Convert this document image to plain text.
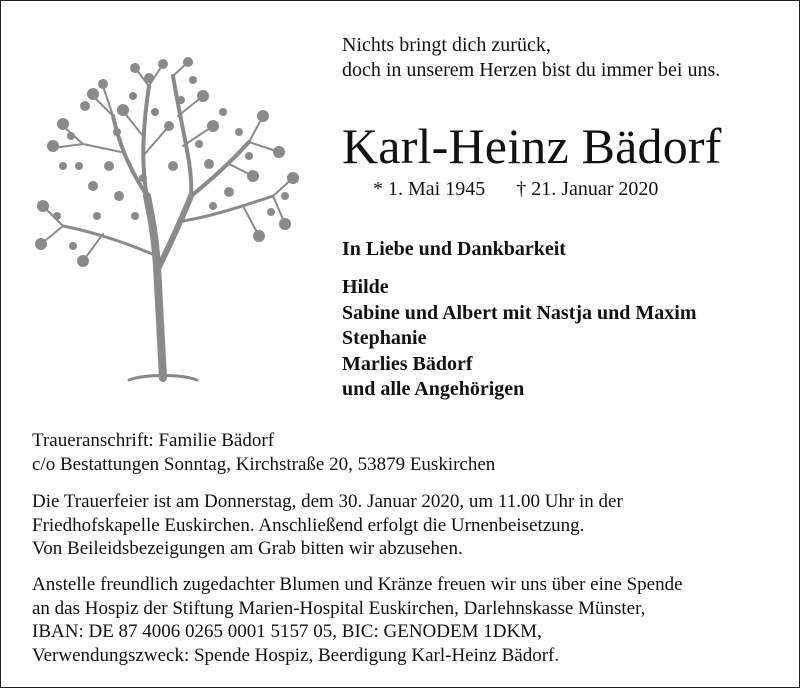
Nichts bringt dich zurück,
doch in unserem Herzen bist du immer bei uns.

Karl-Heinz Bädorf
* 1. Mai 1945 † 21. Januar 2020

In Liebe und Dankbarkeit

Hilde
Sabine und Albert mit Nastja und Maxim
Stephanie
Marlies Bädorf
und alle Angehörigen

Traueranschrift: Familie Bädorf
c/o Bestattungen Sonntag, Kirchstraße 20, 53879 Euskirchen

Die Trauerfeier ist am Donnerstag, dem 30. Januar 2020, um 11.00 Uhr in der
Friedhofskapelle Euskirchen. Anschließend erfolgt die Urnenbeisetzung.
Von Beileidsbezeigungen am Grab bitten wir abzusehen.

Anstelle freundlich zugedachter Blumen und Kränze freuen wir uns über eine Spende
an das Hospiz der Stiftung Marien-Hospital Euskirchen, Darlehnskasse Münster,
IBAN: DE 87 4006 0265 0001 5157 05, BIC: GENODEM 1DKM,
Verwendungszweck: Spende Hospiz, Beerdigung Karl-Heinz Bädorf.
